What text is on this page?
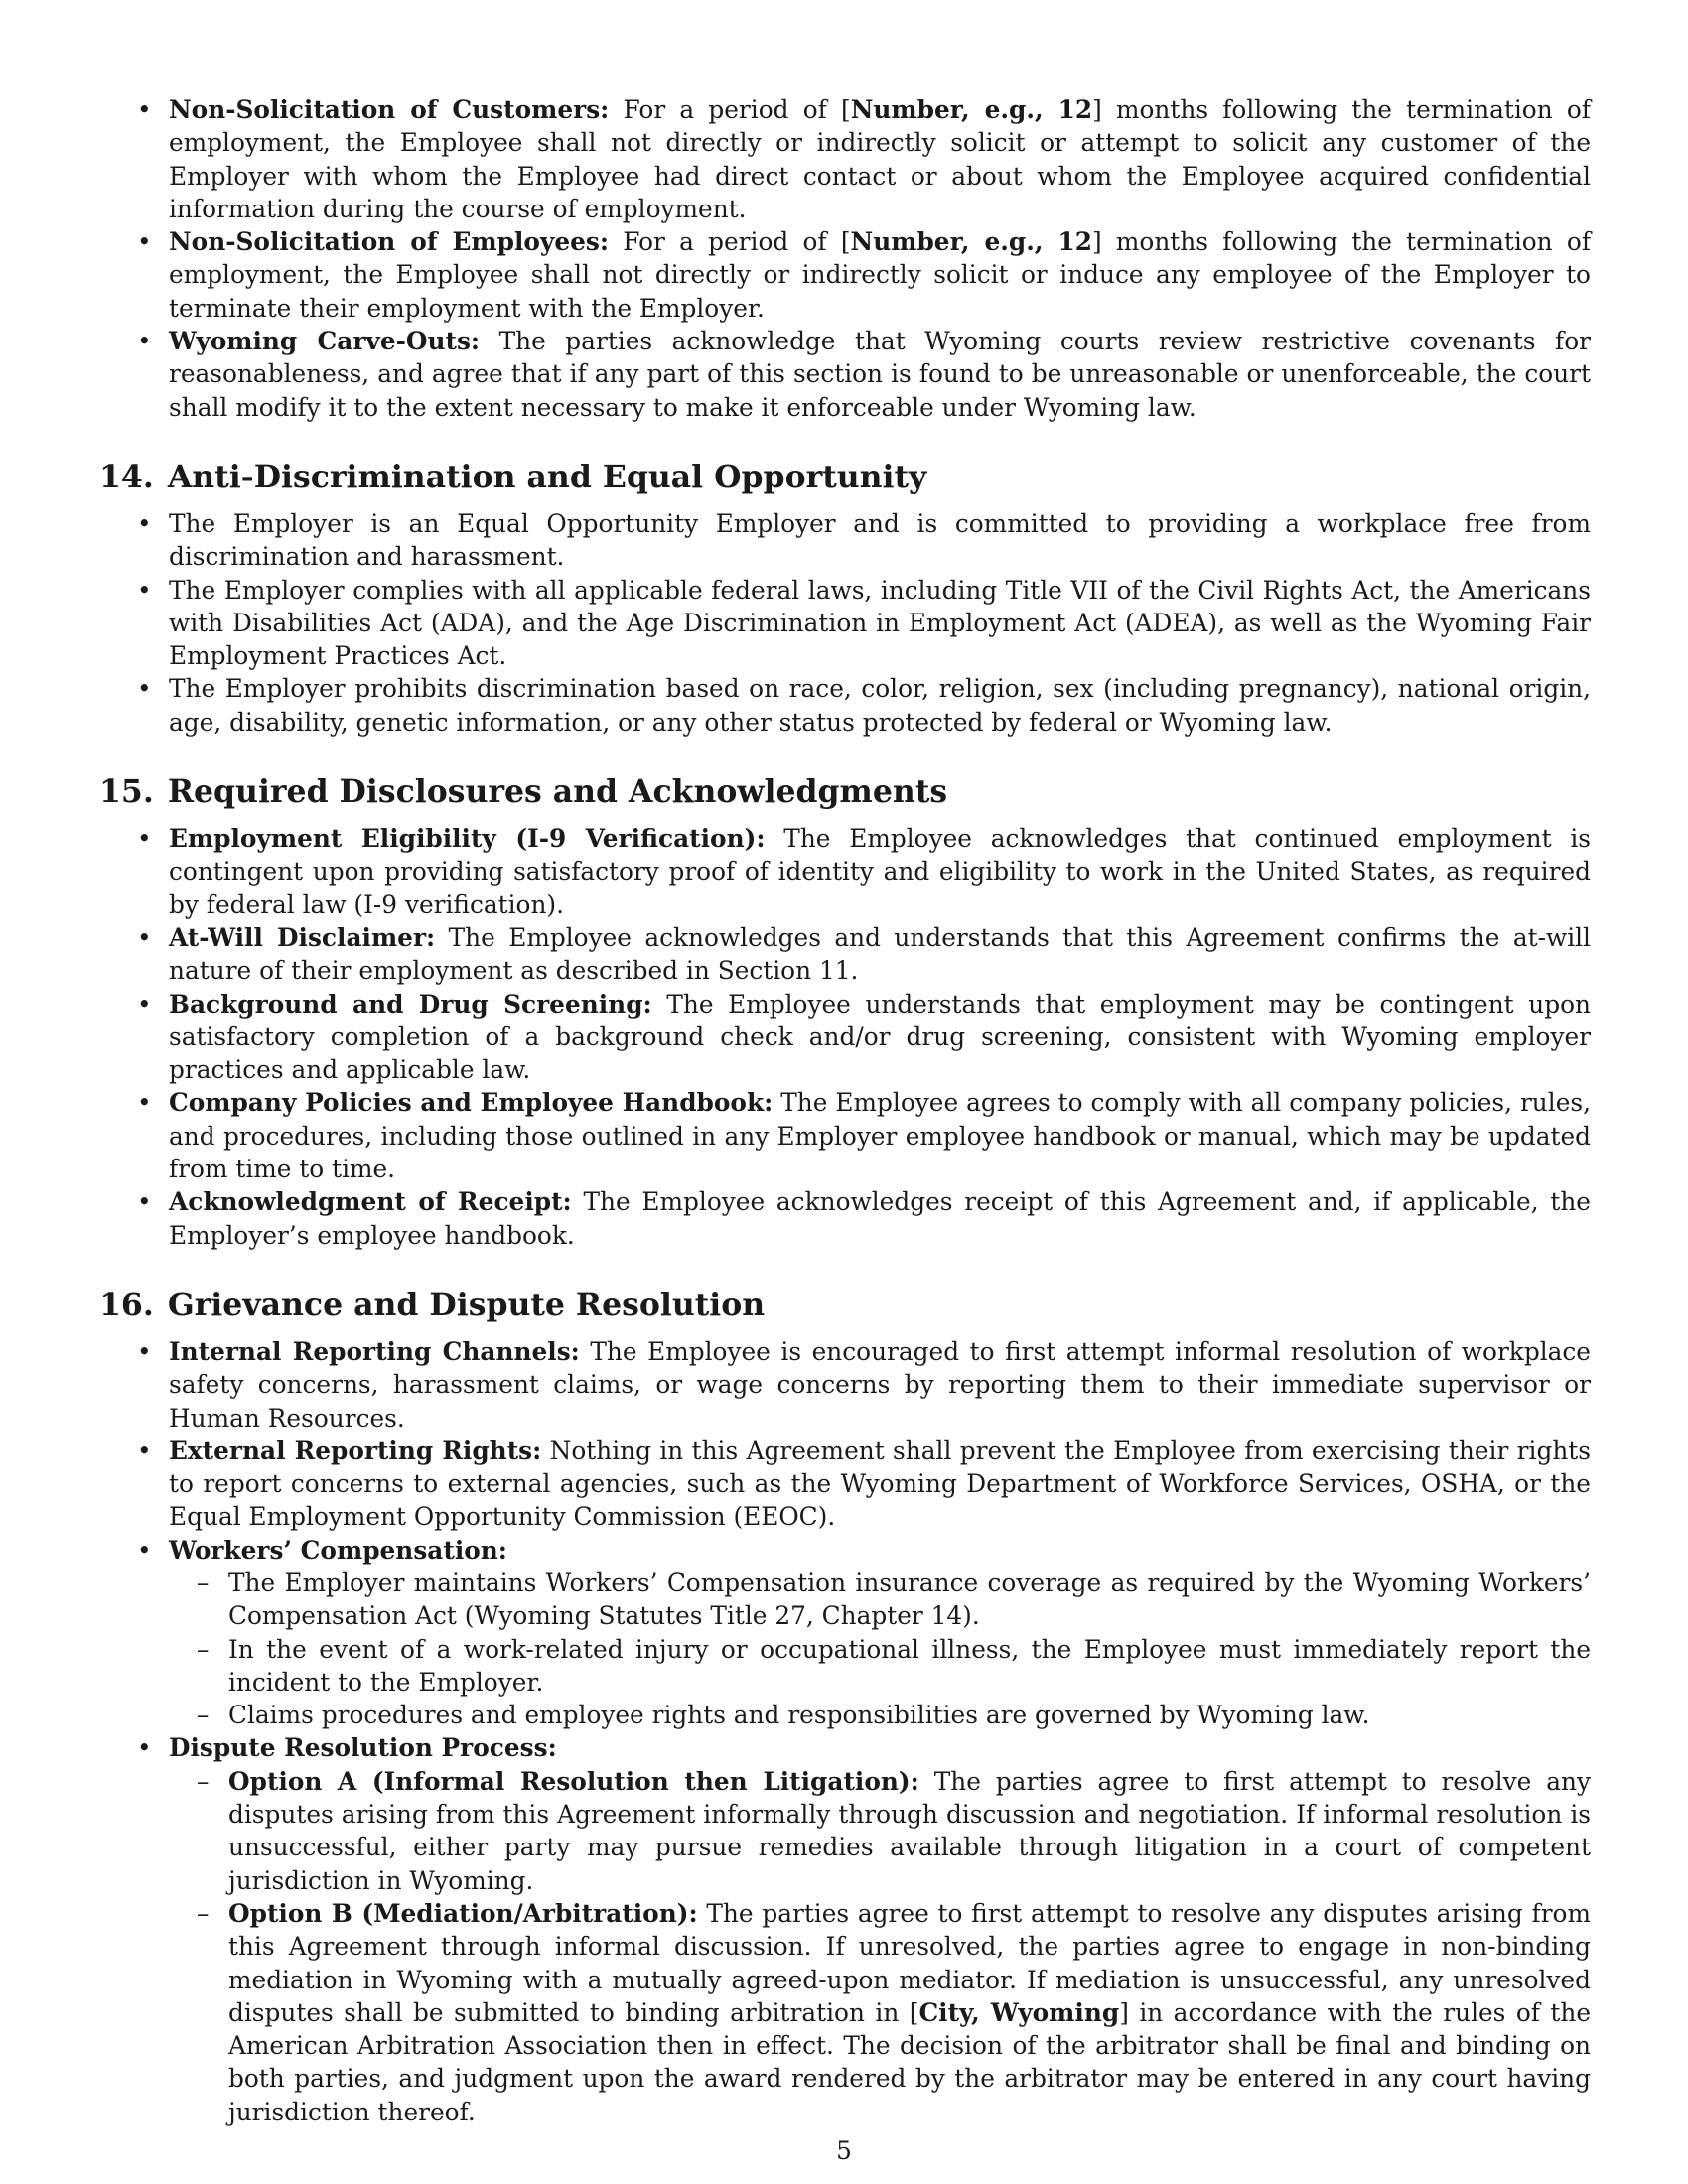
• Non-Solicitation of Customers: For a period of [Number, e.g., 12] months following the termination of employment, the Employee shall not directly or indirectly solicit or attempt to solicit any customer of the Employer with whom the Employee had direct contact or about whom the Employee acquired confidential information during the course of employment.
• Non-Solicitation of Employees: For a period of [Number, e.g., 12] months following the termination of employment, the Employee shall not directly or indirectly solicit or induce any employee of the Employer to terminate their employment with the Employer.
• Wyoming Carve-Outs: The parties acknowledge that Wyoming courts review restrictive covenants for reasonableness, and agree that if any part of this section is found to be unreasonable or unenforceable, the court shall modify it to the extent necessary to make it enforceable under Wyoming law.
14. Anti-Discrimination and Equal Opportunity
• The Employer is an Equal Opportunity Employer and is committed to providing a workplace free from discrimination and harassment.
• The Employer complies with all applicable federal laws, including Title VII of the Civil Rights Act, the Americans with Disabilities Act (ADA), and the Age Discrimination in Employment Act (ADEA), as well as the Wyoming Fair Employment Practices Act.
• The Employer prohibits discrimination based on race, color, religion, sex (including pregnancy), national origin, age, disability, genetic information, or any other status protected by federal or Wyoming law.
15. Required Disclosures and Acknowledgments
• Employment Eligibility (I-9 Verification): The Employee acknowledges that continued employment is contingent upon providing satisfactory proof of identity and eligibility to work in the United States, as required by federal law (I-9 verification).
• At-Will Disclaimer: The Employee acknowledges and understands that this Agreement confirms the at-will nature of their employment as described in Section 11.
• Background and Drug Screening: The Employee understands that employment may be contingent upon satisfactory completion of a background check and/or drug screening, consistent with Wyoming employer practices and applicable law.
• Company Policies and Employee Handbook: The Employee agrees to comply with all company policies, rules, and procedures, including those outlined in any Employer employee handbook or manual, which may be updated from time to time.
• Acknowledgment of Receipt: The Employee acknowledges receipt of this Agreement and, if applicable, the Employer’s employee handbook.
16. Grievance and Dispute Resolution
• Internal Reporting Channels: The Employee is encouraged to first attempt informal resolution of workplace safety concerns, harassment claims, or wage concerns by reporting them to their immediate supervisor or Human Resources.
• External Reporting Rights: Nothing in this Agreement shall prevent the Employee from exercising their rights to report concerns to external agencies, such as the Wyoming Department of Workforce Services, OSHA, or the Equal Employment Opportunity Commission (EEOC).
• Workers’ Compensation:
– The Employer maintains Workers’ Compensation insurance coverage as required by the Wyoming Workers’ Compensation Act (Wyoming Statutes Title 27, Chapter 14).
– In the event of a work-related injury or occupational illness, the Employee must immediately report the incident to the Employer.
– Claims procedures and employee rights and responsibilities are governed by Wyoming law.
• Dispute Resolution Process:
– Option A (Informal Resolution then Litigation): The parties agree to first attempt to resolve any disputes arising from this Agreement informally through discussion and negotiation. If informal resolution is unsuccessful, either party may pursue remedies available through litigation in a court of competent jurisdiction in Wyoming.
– Option B (Mediation/Arbitration): The parties agree to first attempt to resolve any disputes arising from this Agreement through informal discussion. If unresolved, the parties agree to engage in non-binding mediation in Wyoming with a mutually agreed-upon mediator. If mediation is unsuccessful, any unresolved disputes shall be submitted to binding arbitration in [City, Wyoming] in accordance with the rules of the American Arbitration Association then in effect. The decision of the arbitrator shall be final and binding on both parties, and judgment upon the award rendered by the arbitrator may be entered in any court having jurisdiction thereof.
5
